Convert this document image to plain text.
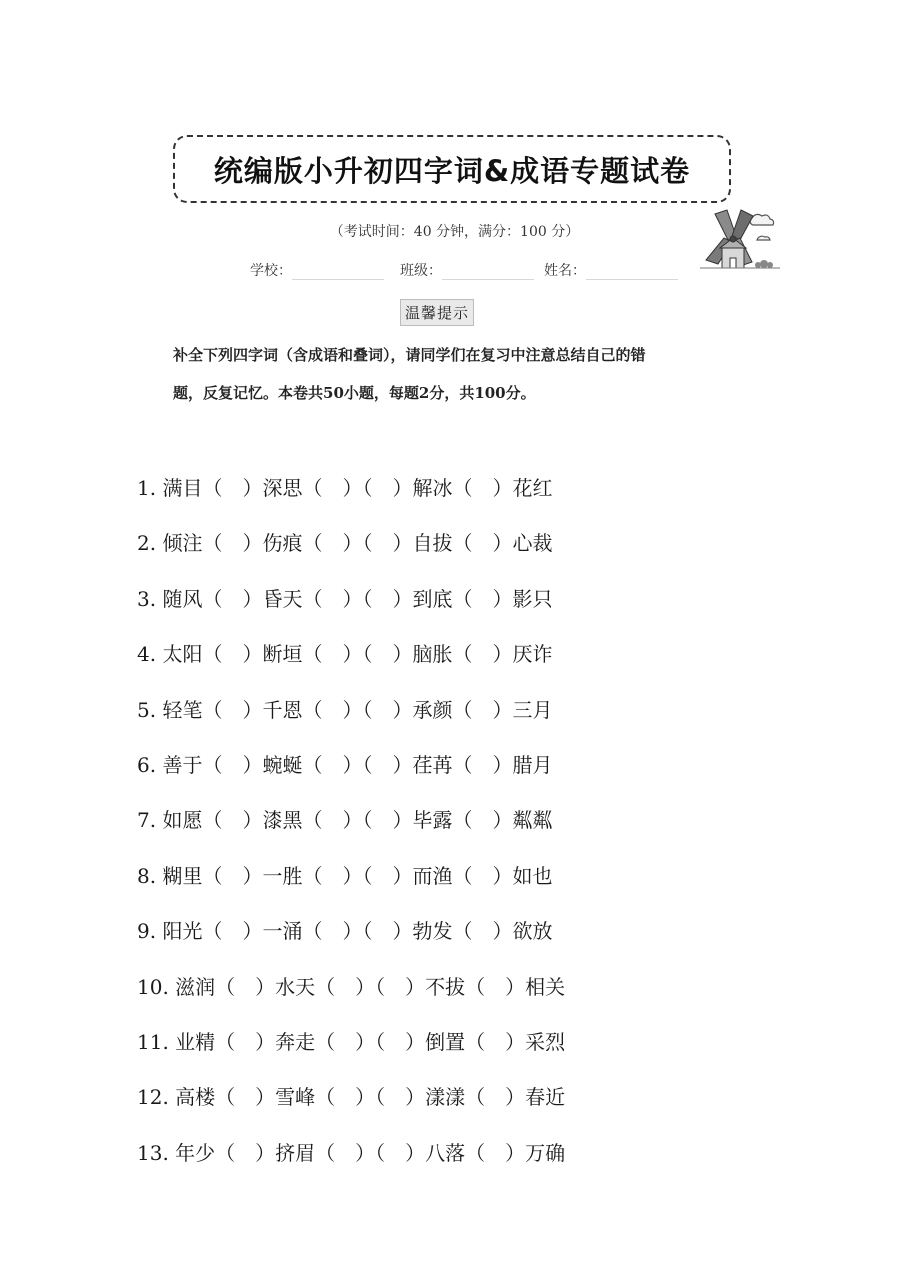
统编版小升初四字词&成语专题试卷
（考试时间：40 分钟，满分：100 分）
学校：	班级：	姓名：
温馨提示

补全下列四字词（含成语和叠词），请同学们在复习中注意总结自己的错

题，反复记忆。本卷共50小题，每题2分，共100分。

1. 满目（　）深思（　）（　）解冰（　）花红
2. 倾注（　）伤痕（　）（　）自拔（　）心裁
3. 随风（　）昏天（　）（　）到底（　）影只
4. 太阳（　）断垣（　）（　）脑胀（　）厌诈
5. 轻笔（　）千恩（　）（　）承颜（　）三月
6. 善于（　）蜿蜒（　）（　）荏苒（　）腊月
7. 如愿（　）漆黑（　）（　）毕露（　）粼粼
8. 糊里（　）一胜（　）（　）而渔（　）如也
9. 阳光（　）一涌（　）（　）勃发（　）欲放
10. 滋润（　）水天（　）（　）不拔（　）相关
11. 业精（　）奔走（　）（　）倒置（　）采烈
12. 高楼（　）雪峰（　）（　）漾漾（　）春近
13. 年少（　）挤眉（　）（　）八落（　）万确
